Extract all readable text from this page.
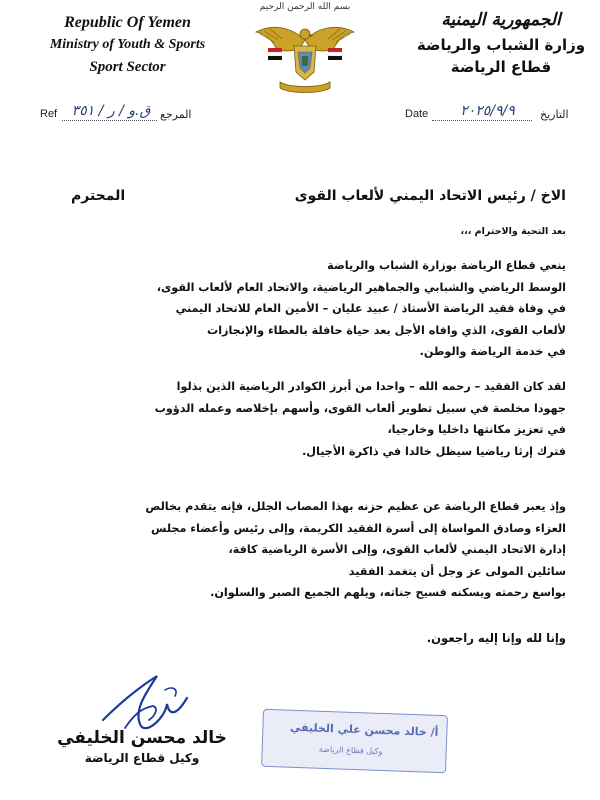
Republic Of Yemen
Ministry of Youth & Sports
Sport Sector
بسم الله الرحمن الرحيم
الجمهورية اليمنية
وزارة الشباب والرياضة
قطاع الرياضة
Ref	ق.و / ر / ٣٥١ المرجع	Date	٢٠٢٥/٩/٩	التاريخ
الاخ / رئيس الاتحاد اليمني لألعاب القوى
المحترم
بعد التحية والاحترام ،،،
ينعي قطاع الرياضة بوزارة الشباب والرياضة
الوسط الرياضي والشبابي والجماهير الرياضية، والاتحاد العام لألعاب القوى،
في وفاة فقيد الرياضة الأستاذ / عبيد عليان – الأمين العام للاتحاد اليمني
لألعاب القوى، الذي وافاه الأجل بعد حياة حافلة بالعطاء والإنجازات
في خدمة الرياضة والوطن.
لقد كان الفقيد – رحمه الله – واحدا من أبرز الكوادر الرياضية الذين بذلوا
جهودا مخلصة في سبيل تطوير ألعاب القوى، وأسهم بإخلاصه وعمله الدؤوب
في تعزيز مكانتها داخليا وخارجيا،
فترك إرثا رياضيا سيظل خالدا في ذاكرة الأجيال.
وإذ يعبر قطاع الرياضة عن عظيم حزنه بهذا المصاب الجلل، فإنه يتقدم بخالص
العزاء وصادق المواساة إلى أسرة الفقيد الكريمة، وإلى رئيس وأعضاء مجلس
إدارة الاتحاد اليمني لألعاب القوى، وإلى الأسرة الرياضية كافة،
سائلين المولى عز وجل أن يتغمد الفقيد
بواسع رحمته ويسكنه فسيح جناته، ويلهم الجميع الصبر والسلوان.
وإنا لله وإنا إليه راجعون.
خالد محسن الخليفي
وكيل قطاع الرياضة
أ/ خالد محسن علي الخليفي
وكيل قطاع الرياضة
